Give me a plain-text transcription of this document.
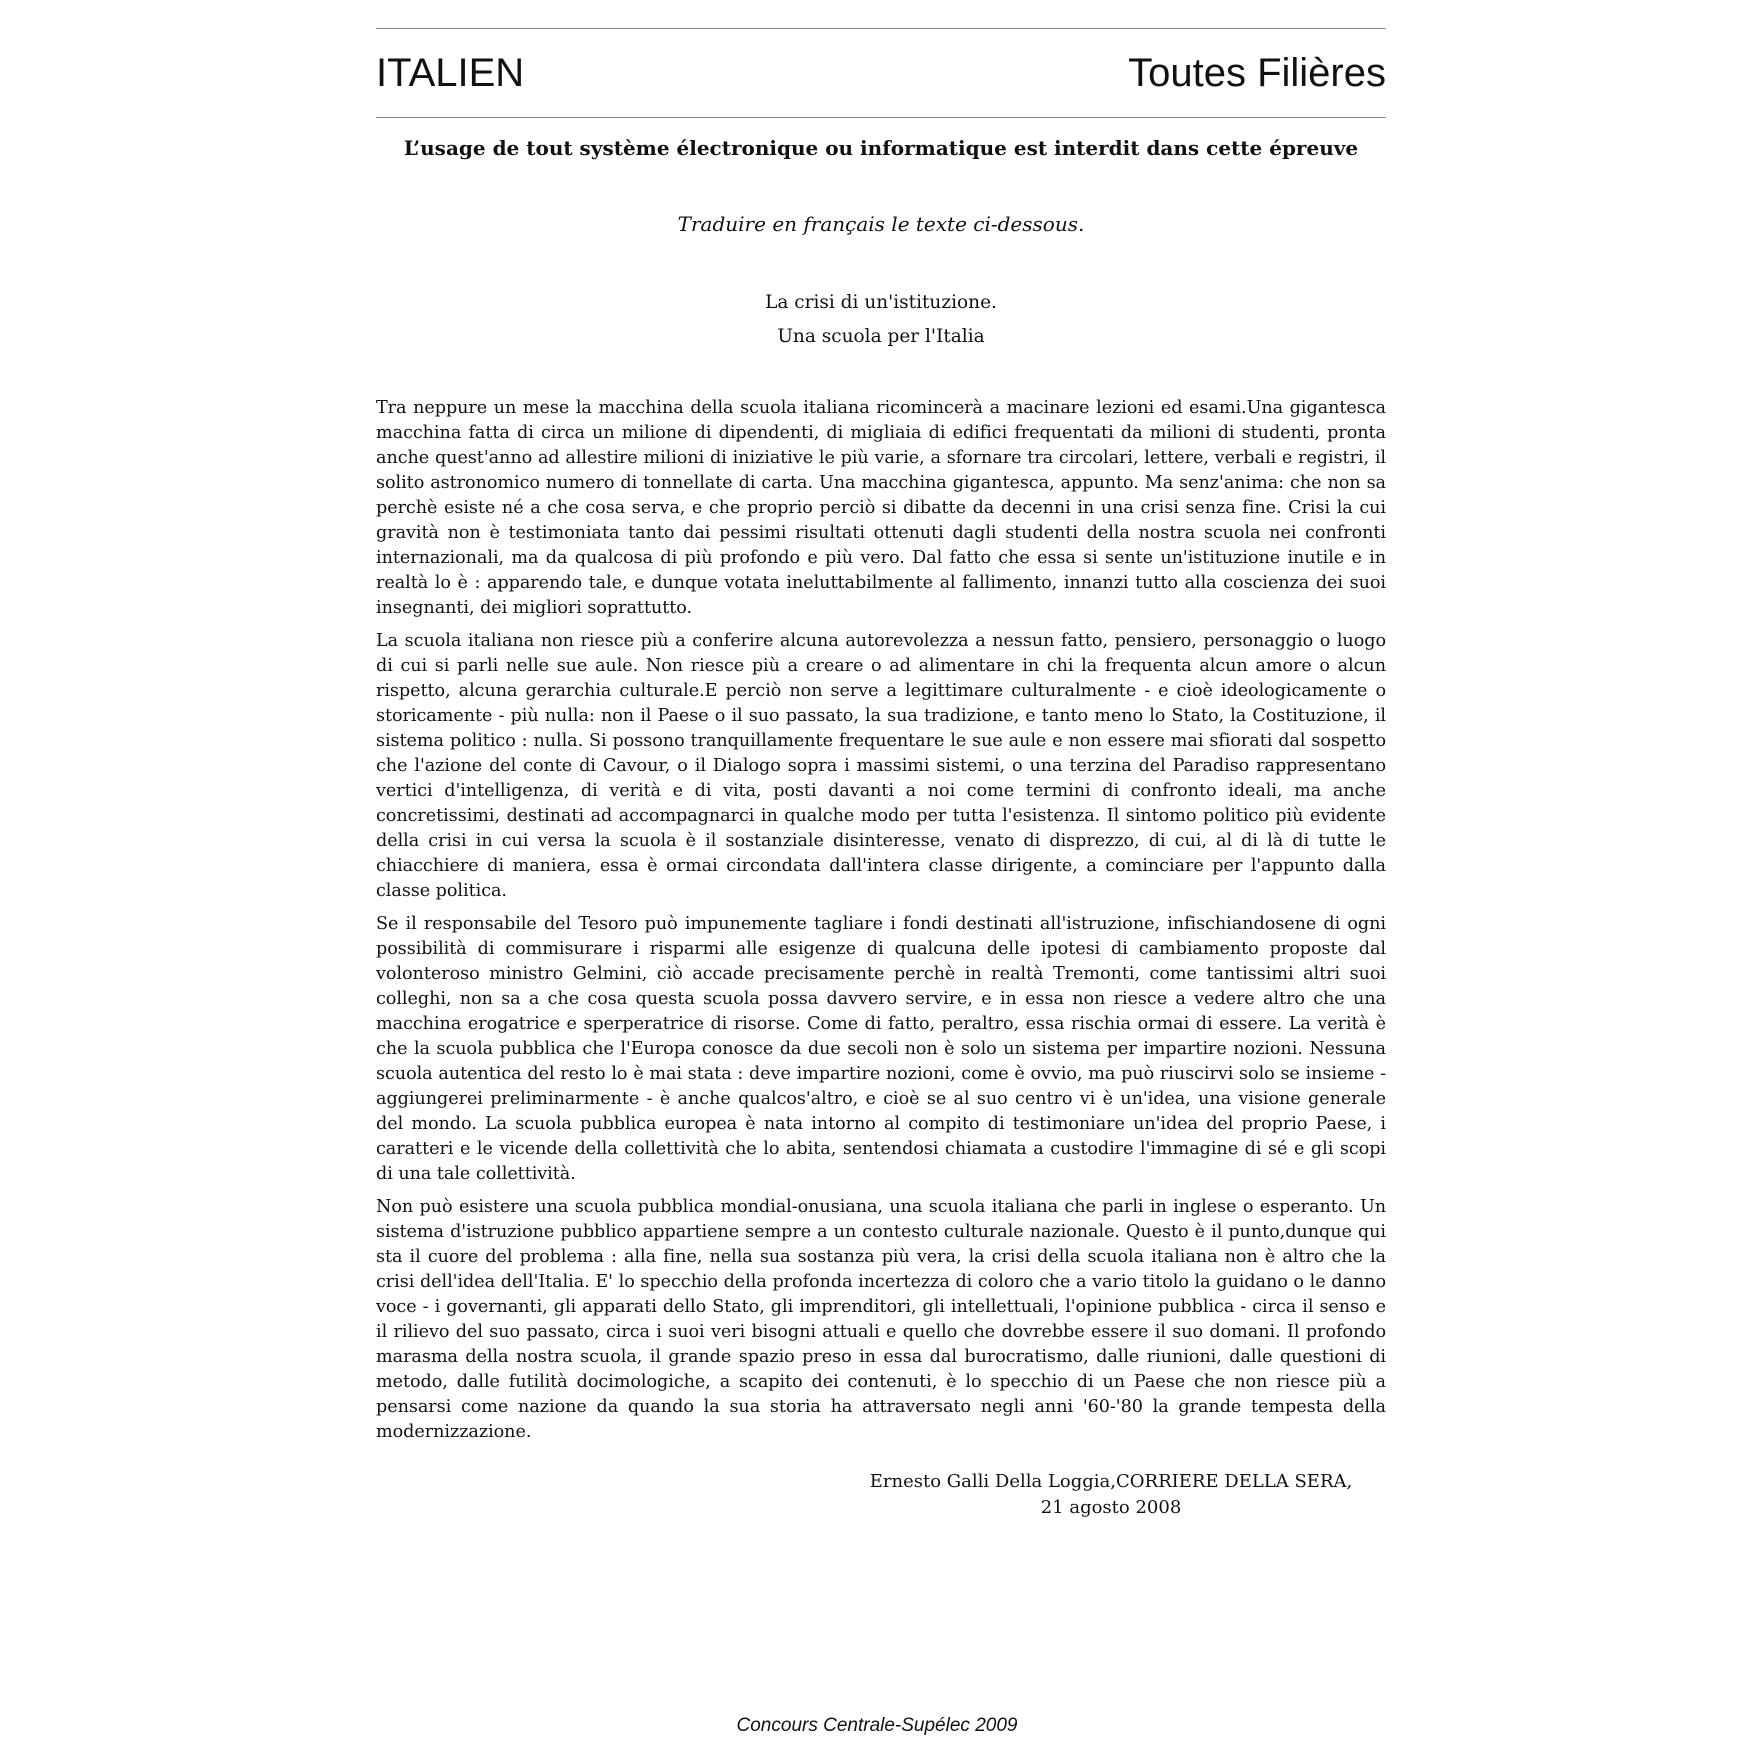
ITALIEN	Toutes Filières
L’usage de tout système électronique ou informatique est interdit dans cette épreuve
Traduire en français le texte ci-dessous.
La crisi di un'istituzione.
Una scuola per l'Italia

Tra neppure un mese la macchina della scuola italiana ricomincerà a macinare lezioni ed esami.Una gigantesca macchina fatta di circa un milione di dipendenti, di migliaia di edifici frequentati da milioni di studenti, pronta anche quest'anno ad allestire milioni di iniziative le più varie, a sfornare tra circolari, lettere, verbali e registri, il solito astronomico numero di tonnellate di carta. Una macchina gigantesca, appunto. Ma senz'anima: che non sa perchè esiste né a che cosa serva, e che proprio perciò si dibatte da decenni in una crisi senza fine. Crisi la cui gravità non è testimoniata tanto dai pessimi risultati ottenuti dagli studenti della nostra scuola nei confronti internazionali, ma da qualcosa di più profondo e più vero. Dal fatto che essa si sente un'istituzione inutile e in realtà lo è : apparendo tale, e dunque votata ineluttabilmente al fallimento, innanzi tutto alla coscienza dei suoi insegnanti, dei migliori soprattutto.

La scuola italiana non riesce più a conferire alcuna autorevolezza a nessun fatto, pensiero, personaggio o luogo di cui si parli nelle sue aule. Non riesce più a creare o ad alimentare in chi la frequenta alcun amore o alcun rispetto, alcuna gerarchia culturale.E perciò non serve a legittimare culturalmente - e cioè ideologicamente o storicamente - più nulla: non il Paese o il suo passato, la sua tradizione, e tanto meno lo Stato, la Costituzione, il sistema politico : nulla. Si possono tranquillamente frequentare le sue aule e non essere mai sfiorati dal sospetto che l'azione del conte di Cavour, o il Dialogo sopra i massimi sistemi, o una terzina del Paradiso rappresentano vertici d'intelligenza, di verità e di vita, posti davanti a noi come termini di confronto ideali, ma anche concretissimi, destinati ad accompagnarci in qualche modo per tutta l'esistenza. Il sintomo politico più evidente della crisi in cui versa la scuola è il sostanziale disinteresse, venato di disprezzo, di cui, al di là di tutte le chiacchiere di maniera, essa è ormai circondata dall'intera classe dirigente, a cominciare per l'appunto dalla classe politica.

Se il responsabile del Tesoro può impunemente tagliare i fondi destinati all'istruzione, infischiandosene di ogni possibilità di commisurare i risparmi alle esigenze di qualcuna delle ipotesi di cambiamento proposte dal volonteroso ministro Gelmini, ciò accade precisamente perchè in realtà Tremonti, come tantissimi altri suoi colleghi, non sa a che cosa questa scuola possa davvero servire, e in essa non riesce a vedere altro che una macchina erogatrice e sperperatrice di risorse. Come di fatto, peraltro, essa rischia ormai di essere. La verità è che la scuola pubblica che l'Europa conosce da due secoli non è solo un sistema per impartire nozioni. Nessuna scuola autentica del resto lo è mai stata : deve impartire nozioni, come è ovvio, ma può riuscirvi solo se insieme - aggiungerei preliminarmente - è anche qualcos'altro, e cioè se al suo centro vi è un'idea, una visione generale del mondo. La scuola pubblica europea è nata intorno al compito di testimoniare un'idea del proprio Paese, i caratteri e le vicende della collettività che lo abita, sentendosi chiamata a custodire l'immagine di sé e gli scopi di una tale collettività.

Non può esistere una scuola pubblica mondial-onusiana, una scuola italiana che parli in inglese o esperanto. Un sistema d'istruzione pubblico appartiene sempre a un contesto culturale nazionale. Questo è il punto,dunque qui sta il cuore del problema : alla fine, nella sua sostanza più vera, la crisi della scuola italiana non è altro che la crisi dell'idea dell'Italia. E' lo specchio della profonda incertezza di coloro che a vario titolo la guidano o le danno voce - i governanti, gli apparati dello Stato, gli imprenditori, gli intellettuali, l'opinione pubblica - circa il senso e il rilievo del suo passato, circa i suoi veri bisogni attuali e quello che dovrebbe essere il suo domani. Il profondo marasma della nostra scuola, il grande spazio preso in essa dal burocratismo, dalle riunioni, dalle questioni di metodo, dalle futilità docimologiche, a scapito dei contenuti, è lo specchio di un Paese che non riesce più a pensarsi come nazione da quando la sua storia ha attraversato negli anni '60-'80 la grande tempesta della modernizzazione.

Ernesto Galli Della Loggia,CORRIERE DELLA SERA,
21 agosto 2008
Concours Centrale-Supélec 2009
